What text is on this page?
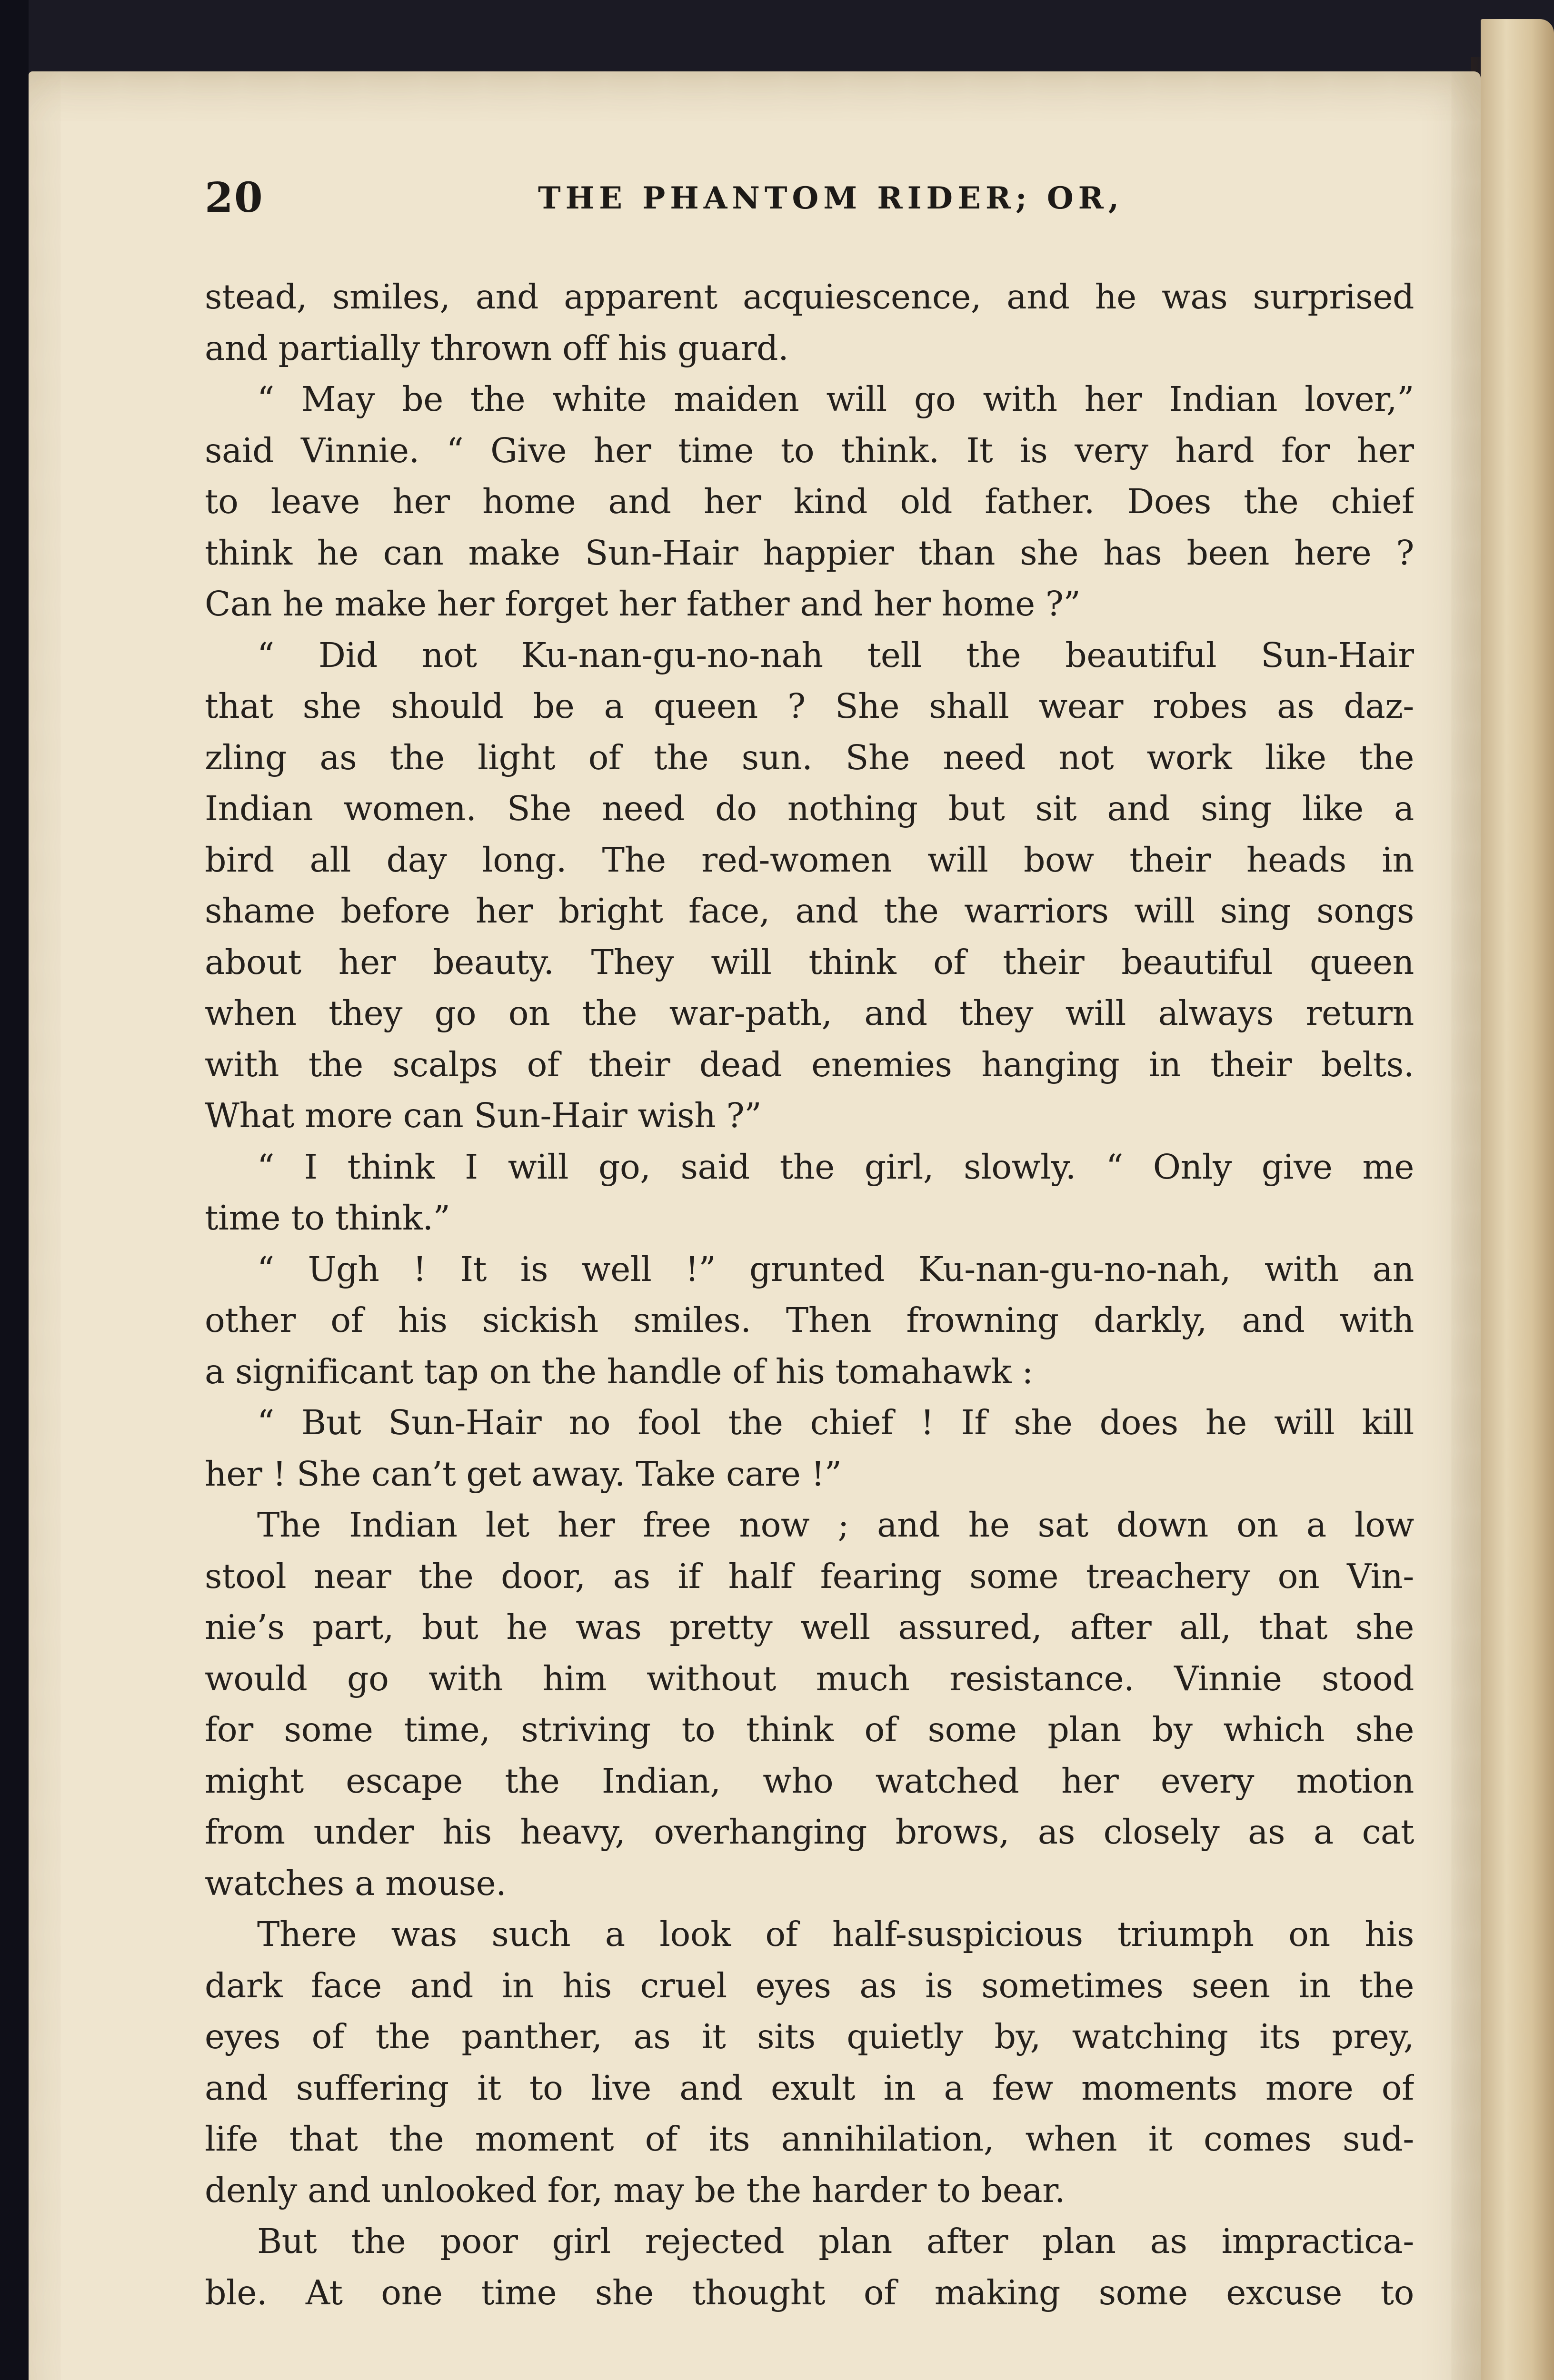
20	THE PHANTOM RIDER; OR,
stead, smiles, and apparent acquiescence, and he was surprised
and partially thrown off his guard.
“ May be the white maiden will go with her Indian lover,”
said Vinnie. “ Give her time to think. It is very hard for her
to leave her home and her kind old father. Does the chief
think he can make Sun-Hair happier than she has been here ?
Can he make her forget her father and her home ?”
“ Did not Ku-nan-gu-no-nah tell the beautiful Sun-Hair
that she should be a queen ? She shall wear robes as daz-
zling as the light of the sun. She need not work like the
Indian women. She need do nothing but sit and sing like a
bird all day long. The red-women will bow their heads in
shame before her bright face, and the warriors will sing songs
about her beauty. They will think of their beautiful queen
when they go on the war-path, and they will always return
with the scalps of their dead enemies hanging in their belts.
What more can Sun-Hair wish ?”
“ I think I will go, said the girl, slowly. “ Only give me
time to think.”
“ Ugh ! It is well !” grunted Ku-nan-gu-no-nah, with an
other of his sickish smiles. Then frowning darkly, and with
a significant tap on the handle of his tomahawk :
“ But Sun-Hair no fool the chief ! If she does he will kill
her ! She can’t get away. Take care !”
The Indian let her free now ; and he sat down on a low
stool near the door, as if half fearing some treachery on Vin-
nie’s part, but he was pretty well assured, after all, that she
would go with him without much resistance. Vinnie stood
for some time, striving to think of some plan by which she
might escape the Indian, who watched her every motion
from under his heavy, overhanging brows, as closely as a cat
watches a mouse.
There was such a look of half-suspicious triumph on his
dark face and in his cruel eyes as is sometimes seen in the
eyes of the panther, as it sits quietly by, watching its prey,
and suffering it to live and exult in a few moments more of
life that the moment of its annihilation, when it comes sud-
denly and unlooked for, may be the harder to bear.
But the poor girl rejected plan after plan as impractica-
ble. At one time she thought of making some excuse to
